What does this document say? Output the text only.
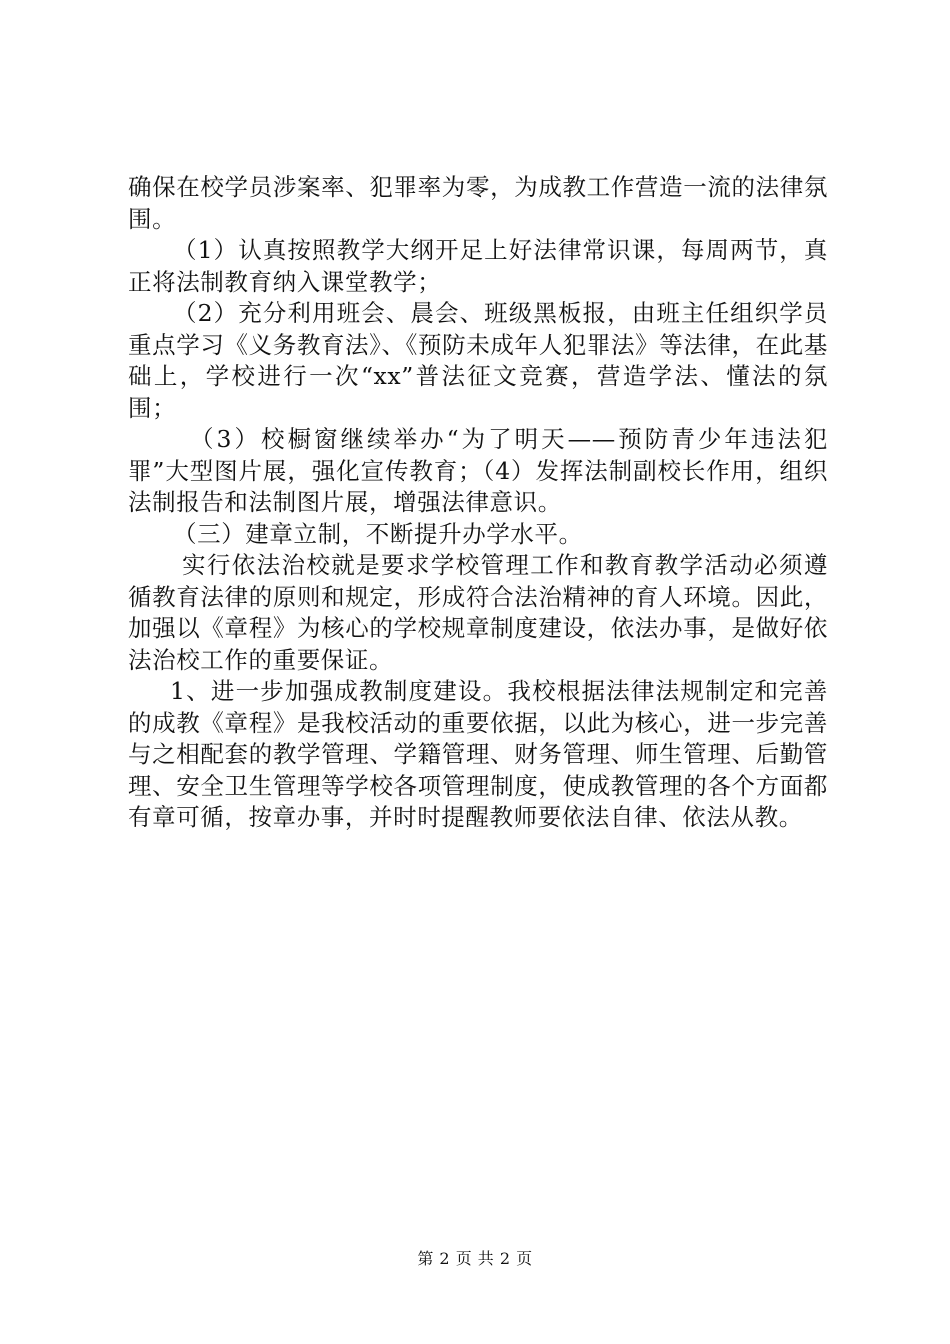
确保在校学员涉案率、犯罪率为零，为成教工作营造一流的法律氛围。

（1）认真按照教学大纲开足上好法律常识课，每周两节，真正将法制教育纳入课堂教学；

（2）充分利用班会、晨会、班级黑板报，由班主任组织学员重点学习《义务教育法》、《预防未成年人犯罪法》等法律，在此基础上，学校进行一次“xx”普法征文竞赛，营造学法、懂法的氛围；

（3）校橱窗继续举办“为了明天——预防青少年违法犯罪”大型图片展，强化宣传教育；（4）发挥法制副校长作用，组织法制报告和法制图片展，增强法律意识。

（三）建章立制，不断提升办学水平。

实行依法治校就是要求学校管理工作和教育教学活动必须遵循教育法律的原则和规定，形成符合法治精神的育人环境。因此，加强以《章程》为核心的学校规章制度建设，依法办事，是做好依法治校工作的重要保证。

1、进一步加强成教制度建设。我校根据法律法规制定和完善的成教《章程》是我校活动的重要依据，以此为核心，进一步完善与之相配套的教学管理、学籍管理、财务管理、师生管理、后勤管理、安全卫生管理等学校各项管理制度，使成教管理的各个方面都有章可循，按章办事，并时时提醒教师要依法自律、依法从教。

第 2 页 共 2 页
